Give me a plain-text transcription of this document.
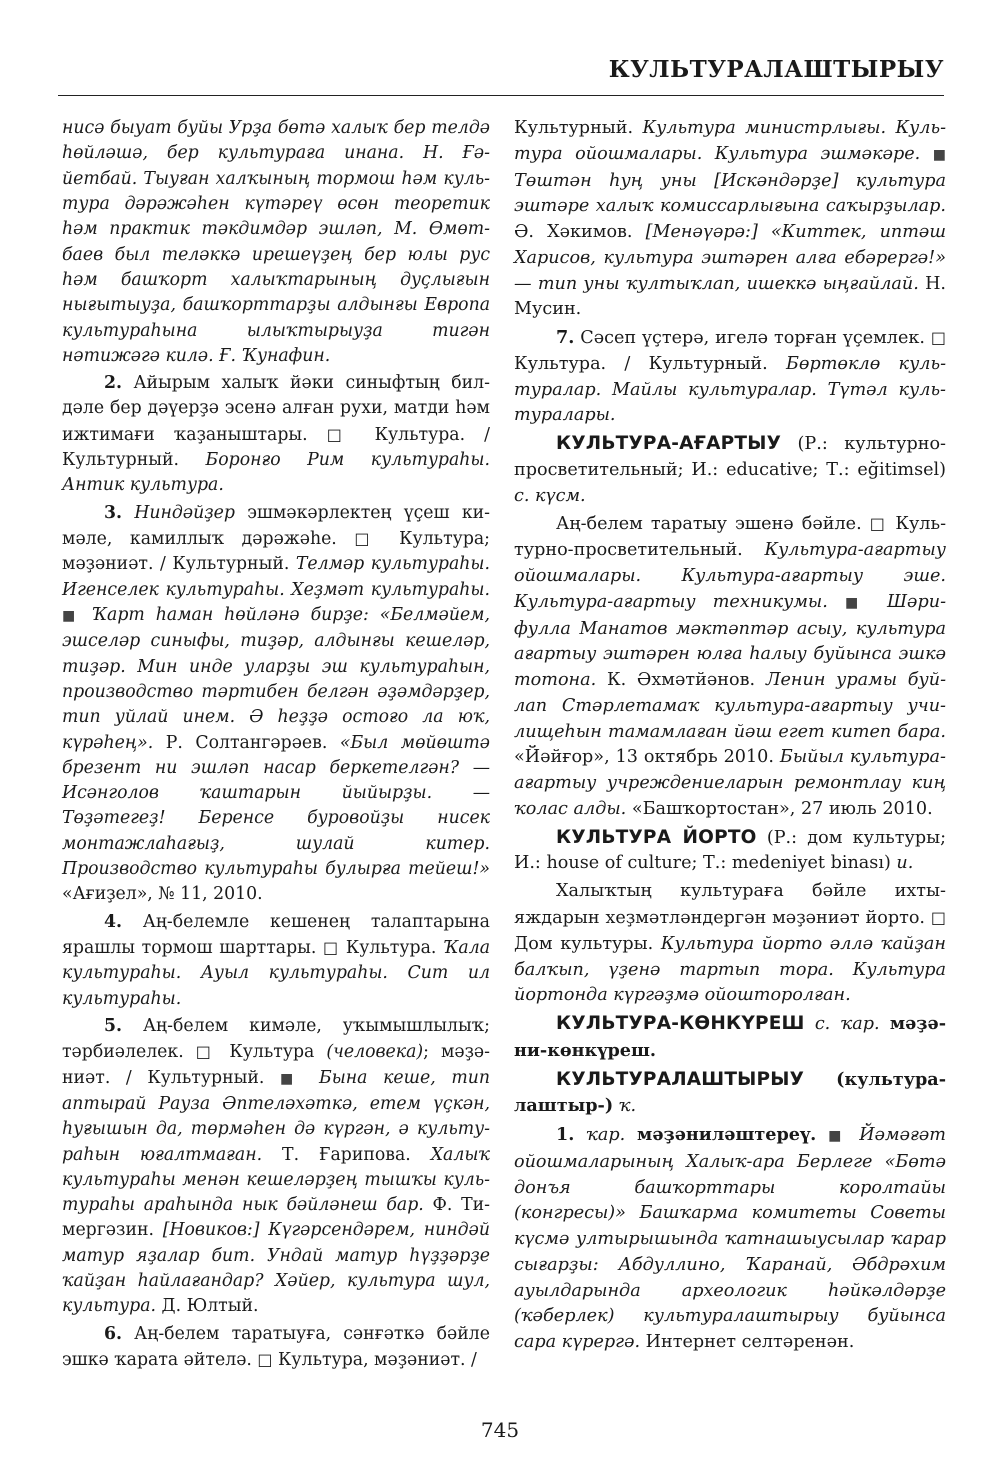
КУЛЬТУРАЛАШТЫРЫУ

нисә быуат буйы Урҙа бөтә халыҡ бер телдә һөйләшә, бер культураға инана. Н. Ғәйетбай. Тыуған халҡының тормош һәм культура дәрәжәһен күтәреү өсөн теоретик һәм практик тәкдимдәр эшләп, М. Өмөтбаев был теләккә ирешеүҙең бер юлы рус һәм башҡорт халыҡтарының дуҫлығын нығытыуҙа, башҡорттарҙы алдынғы Европа культураһына ылыҡтырыуҙа тигән нәтижәгә килә. Ғ. Ҡунафин.

2. Айырым халыҡ йәки синыфтың билдәле бер дәүерҙә эсенә алған рухи, матди һәм ижтимағи ҡаҙаныштары. □ Культура. / Культурный. Боронғо Рим культураһы. Антик культура.

3. Ниндәйҙер эшмәкәрлектең үҫеш кимәле, камиллыҡ дәрәжәһе. □ Культура; мәҙәниәт. / Культурный. Телмәр культураһы. Игенселек культураһы. Хеҙмәт культураһы. ■ Ҡарт һаман һөйләнә бирҙе: «Белмәйем, эшселәр синыфы, тиҙәр, алдынғы кешеләр, тиҙәр. Мин инде уларҙы эш культураһын, производство тәртибен белгән әҙәмдәрҙер, тип уйлай инем. Ә һеҙҙә остоғо ла юҡ, күрәһең». Р. Солтангәрәев. «Был мөйөштә брезент ни эшләп насар беркетелгән? — Исәнголов ҡаштарын йыйырҙы. — Төҙәтегеҙ! Беренсе буровойҙы нисек монтажлаһағыҙ, шулай китер. Производство культураһы булырға тейеш!» «Ағиҙел», № 11, 2010.

4. Аң-белемле кешенең талаптарына ярашлы тормош шарттары. □ Культура. Ҡала культураһы. Ауыл культураһы. Сит ил культураһы.

5. Аң-белем кимәле, уҡымышлылыҡ; тәрбиәлелек. □ Культура (человека); мәҙәниәт. / Культурный. ■ Бына кеше, тип аптырай Рауза Әптеләхәткә, етем үҫкән, һуғышын да, төрмәһен дә күргән, ә культураһын юғалтмаған. Т. Ғарипова. Халыҡ культураһы менән кешеләрҙең тышҡы культураһы араһында нык бәйләнеш бар. Ф. Тимергәзин. [Новиков:] Күгәрсендәрем, ниндәй матур яҙалар бит. Ундай матур һүҙҙәрҙе ҡайҙан һайлағандар? Хәйер, культура шул, культура. Д. Юлтый.

6. Аң-белем таратыуға, сәнғәткә бәйле эшкә ҡарата әйтелә. □ Культура, мәҙәниәт. /

Культурный. Культура министрлығы. Культура ойошмалары. Культура эшмәкәре. ■ Төштән һуң уны [Искәндәрҙе] культура эштәре халыҡ комиссарлығына саҡырҙылар. Ә. Хәкимов. [Менәүәрә:] «Киттек, иптәш Харисов, культура эштәрен алға ебәрергә!» — тип уны ҡултыҡлап, ишеккә ыңғайлай. Н. Мусин.

7. Сәсеп үҫтерә, игелә торған үҫемлек. □ Культура. / Культурный. Бөртөклө культуралар. Майлы культуралар. Түтәл культуралары.

КУЛЬТУРА-АҒАРТЫУ (Р.: культурнопросветительный; И.: educative; Т.: eğitimsel) с. күсм.

Аң-белем таратыу эшенә бәйле. □ Культурно-просветительный. Культура-ағартыу ойошмалары. Культура-ағартыу эше. Культура-ағартыу техникумы. ■ Шәрифулла Манатов мәктәптәр асыу, культура ағартыу эштәрен юлға һалыу буйынса эшкә тотона. К. Әхмәтйәнов. Ленин урамы буйлап Стәрлетамаҡ культура-ағартыу училищеһын тамамлаған йәш егет китеп бара. «Йәйғор», 13 октябрь 2010. Быйыл культураағартыу учреждениеларын ремонтлау киң ҡолас алды. «Башҡортостан», 27 июль 2010.

КУЛЬТУРА ЙОРТО (Р.: дом культуры; И.: house of culture; Т.: medeniyet binası) и.

Халыҡтың культураға бәйле ихтыяждарын хеҙмәтләндергән мәҙәниәт йорто. □ Дом культуры. Культура йорто әллә ҡайҙан балҡып, үҙенә тартып тора. Культура йортонда күргәҙмә ойошторолған.

КУЛЬТУРА-КӨНКҮРЕШ с. ҡар. мәҙәни-көнкүреш.

КУЛЬТУРАЛАШТЫРЫУ (культуралаштыр-) ҡ.

1. ҡар. мәҙәниләштереү. ■ Йәмәғәт ойошмаларының Халыҡ-ара Берлеге «Бөтә донъя башҡорттары королтайы (конгресы)» Башҡарма комитеты Советы күсмә ултырышында ҡатнашыусылар ҡарар сығарҙы: Абдуллино, Ҡаранай, Әбдрәхим ауылдарында археологик һәйкәлдәрҙе (ҡәберлек) культуралаштырыу буйынса сара күрергә. Интернет селтәренән.

745
